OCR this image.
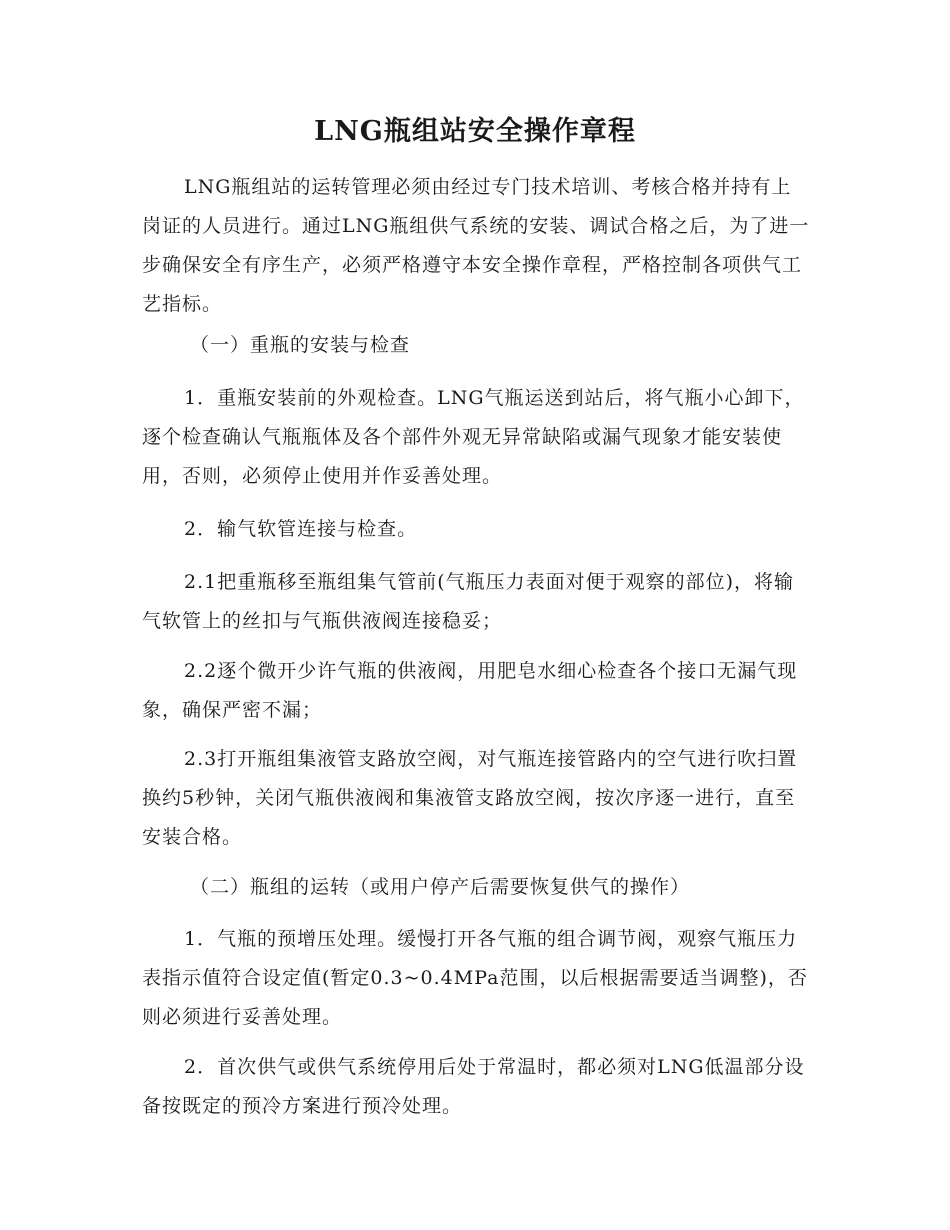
LNG瓶组站安全操作章程
LNG瓶组站的运转管理必须由经过专门技术培训、考核合格并持有上岗证的人员进行。通过LNG瓶组供气系统的安装、调试合格之后，为了进一步确保安全有序生产，必须严格遵守本安全操作章程，严格控制各项供气工艺指标。
（一）重瓶的安装与检查
1．重瓶安装前的外观检查。LNG气瓶运送到站后，将气瓶小心卸下，逐个检查确认气瓶瓶体及各个部件外观无异常缺陷或漏气现象才能安装使用，否则，必须停止使用并作妥善处理。
2．输气软管连接与检查。
2.1把重瓶移至瓶组集气管前(气瓶压力表面对便于观察的部位)，将输气软管上的丝扣与气瓶供液阀连接稳妥；
2.2逐个微开少许气瓶的供液阀，用肥皂水细心检查各个接口无漏气现象，确保严密不漏；
2.3打开瓶组集液管支路放空阀，对气瓶连接管路内的空气进行吹扫置换约5秒钟，关闭气瓶供液阀和集液管支路放空阀，按次序逐一进行，直至安装合格。
（二）瓶组的运转（或用户停产后需要恢复供气的操作）
1．气瓶的预增压处理。缓慢打开各气瓶的组合调节阀，观察气瓶压力表指示值符合设定值(暂定0.3~0.4MPa范围，以后根据需要适当调整)，否则必须进行妥善处理。
2．首次供气或供气系统停用后处于常温时，都必须对LNG低温部分设备按既定的预冷方案进行预冷处理。
